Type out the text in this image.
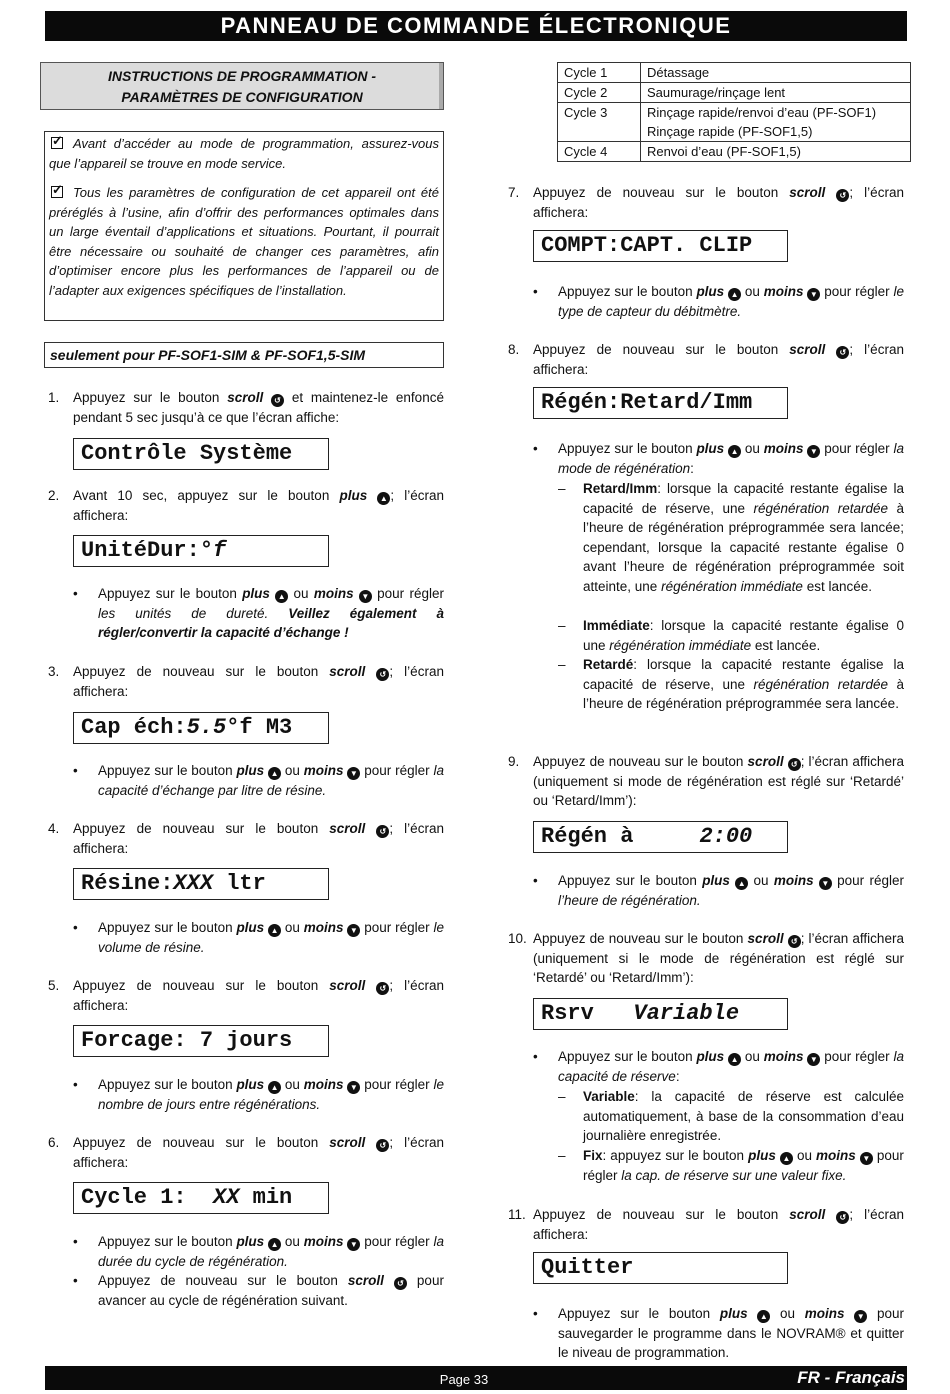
PANNEAU DE COMMANDE ÉLECTRONIQUE
INSTRUCTIONS DE PROGRAMMATION -
PARAMÈTRES DE CONFIGURATION

✓Avant d’accéder au mode de programmation, assurez-vous que l’appareil se trouve en mode service.

✓Tous les paramètres de configuration de cet appareil ont été préréglés à l’usine, afin d’offrir des performances optimales dans un large éventail d’applications et situations. Pourtant, il pourrait être nécessaire ou souhaité de changer ces paramètres, afin d’optimiser encore plus les performances de l’appareil ou de l’adapter aux exigences spécifiques de l’installation.

seulement pour PF-SOF1-SIM & PF-SOF1,5-SIM
1. Appuyez sur le bouton scroll ↺ et maintenez-le enfoncé pendant 5 sec jusqu’à ce que l’écran affiche:
Contrôle Système
2. Avant 10 sec, appuyez sur le bouton plus ▲ ; l’écran affichera:
UnitéDur:°f
• Appuyez sur le bouton plus ▲ ou moins ▼ pour régler les unités de dureté. Veillez également à régler/convertir la capacité d’échange !
3. Appuyez de nouveau sur le bouton scroll ↺ ; l’écran affichera:
Cap éch:5.5°f M3
• Appuyez sur le bouton plus ▲ ou moins ▼ pour régler la capacité d’échange par litre de résine.
4. Appuyez de nouveau sur le bouton scroll ↺ ; l’écran affichera:
Résine:XXX ltr
• Appuyez sur le bouton plus ▲ ou moins ▼ pour régler le volume de résine.
5. Appuyez de nouveau sur le bouton scroll ↺ ; l’écran affichera:
Forcage: 7 jours
• Appuyez sur le bouton plus ▲ ou moins ▼ pour régler le nombre de jours entre régénérations.
6. Appuyez de nouveau sur le bouton scroll ↺ ; l’écran affichera:
Cycle 1:  XX min
• Appuyez sur le bouton plus ▲ ou moins ▼ pour régler la durée du cycle de régénération.
• Appuyez de nouveau sur le bouton scroll ↺ pour avancer au cycle de régénération suivant.
Cycle 1	Détassage
Cycle 2	Saumurage/rinçage lent
Cycle 3	Rinçage rapide/renvoi d’eau (PF-SOF1)
Rinçage rapide (PF-SOF1,5)

Cycle 4	Renvoi d’eau (PF-SOF1,5)
7. Appuyez de nouveau sur le bouton scroll ↺ ; l’écran affichera:
COMPT:CAPT. CLIP
• Appuyez sur le bouton plus ▲ ou moins ▼ pour régler le type de capteur du débitmètre.
8. Appuyez de nouveau sur le bouton scroll ↺ ; l’écran affichera:
Régén:Retard/Imm
• Appuyez sur le bouton plus ▲ ou moins ▼ pour régler la mode de régénération:
– Retard/Imm: lorsque la capacité restante égalise la capacité de réserve, une régénération retardée à l’heure de régénération préprogrammée sera lancée; cependant, lorsque la capacité restante égalise 0 avant l’heure de régénération préprogrammée soit atteinte, une régénération immédiate est lancée.
– Immédiate: lorsque la capacité restante égalise 0 une régénération immédiate est lancée.
– Retardé: lorsque la capacité restante égalise la capacité de réserve, une régénération retardée à l’heure de régénération préprogrammée sera lancée.
9. Appuyez de nouveau sur le bouton scroll ↺ ; l’écran affichera (uniquement si mode de régénération est réglé sur ‘Retardé’ ou ‘Retard/Imm’):
Régén à     2:00
• Appuyez sur le bouton plus ▲ ou moins ▼ pour régler l’heure de régénération.
10. Appuyez de nouveau sur le bouton scroll ↺ ; l’écran affichera (uniquement si le mode de régénération est réglé sur ‘Retardé’ ou ‘Retard/Imm’):
Rsrv   Variable
• Appuyez sur le bouton plus ▲ ou moins ▼ pour régler la capacité de réserve:
– Variable: la capacité de réserve est calculée automatiquement, à base de la consommation d’eau journalière enregistrée.
– Fix: appuyez sur le bouton plus ▲ ou moins ▼ pour régler la cap. de réserve sur une valeur fixe.
11. Appuyez de nouveau sur le bouton scroll ↺ ; l’écran affichera:
Quitter
• Appuyez sur le bouton plus ▲ ou moins ▼ pour sauvegarder le programme dans le NOVRAM® et quitter le niveau de programmation.
Page 33	FR - Français
